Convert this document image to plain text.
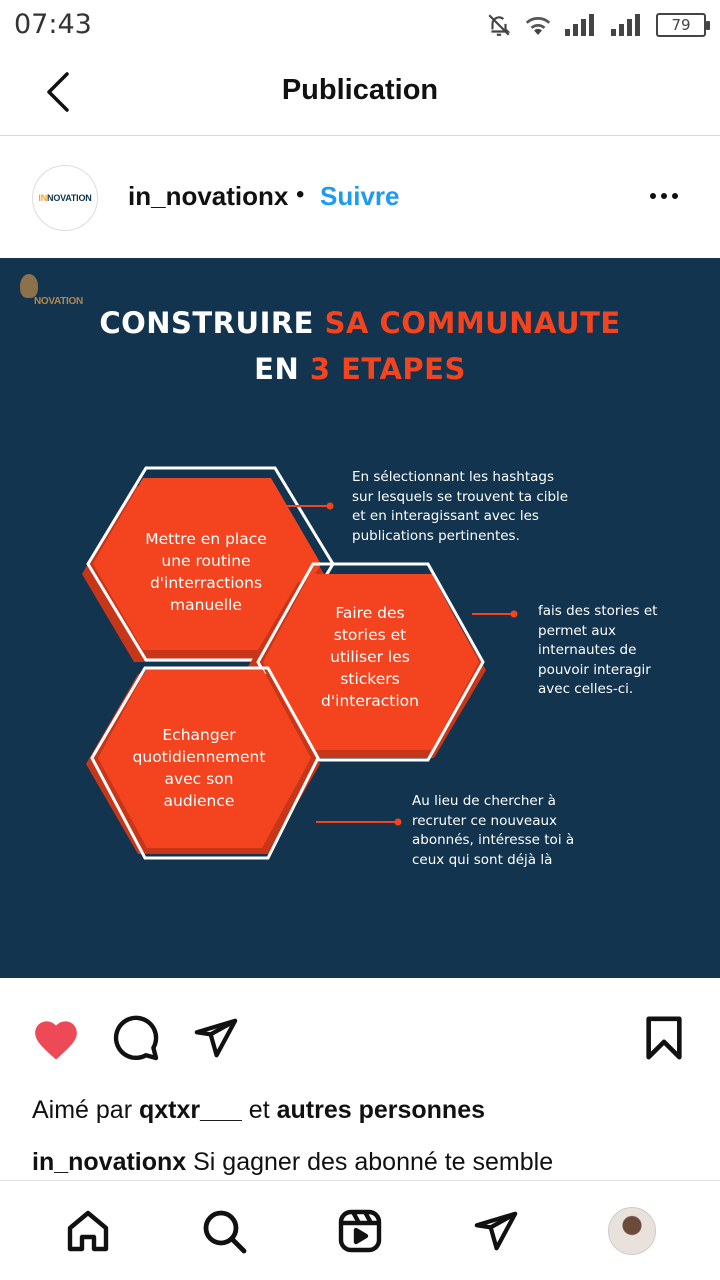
07:43	79
Publication
INNOVATION in_novationx • Suivre
NOVATION
CONSTRUIRE SA COMMUNAUTE
EN 3 ETAPES
Mettre en place
une routine
d'interractions
manuelle	Faire des
stories et
utiliser les
stickers
d'interaction
Echanger
quotidiennement
avec son
audience
En sélectionnant les hashtags
sur lesquels se trouvent ta cible
et en interagissant avec les
publications pertinentes.
fais des stories et
permet aux
internautes de
pouvoir interagir
avec celles-ci.
Au lieu de chercher à
recruter ce nouveaux
abonnés, intéresse toi à
ceux qui sont déjà là
Aimé par qxtxr___ et autres personnes
in_novationx Si gagner des abonné te semble
